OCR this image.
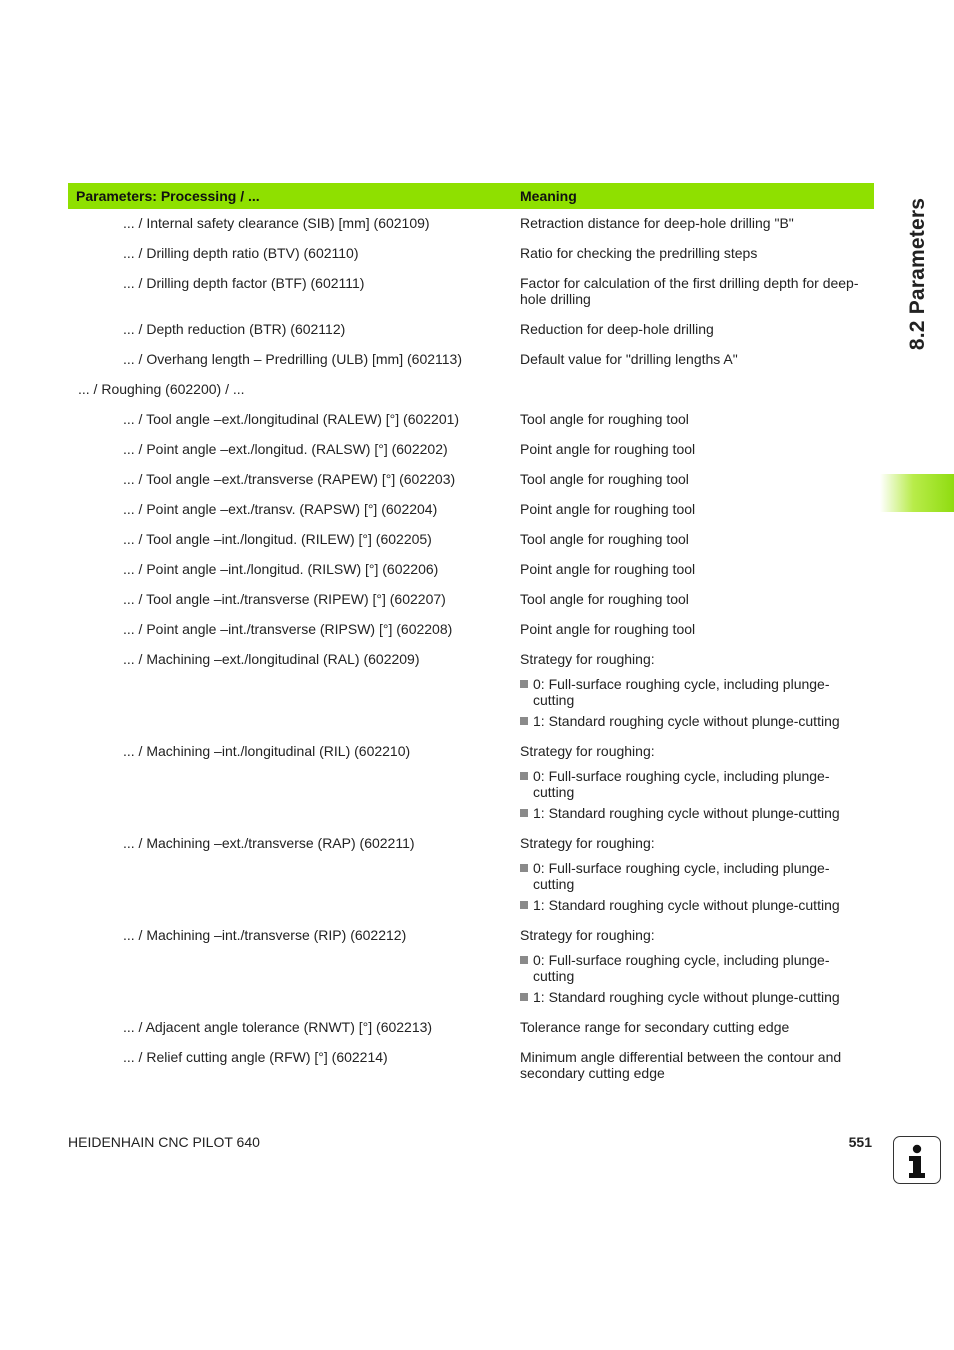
8.2 Parameters
Parameters: Processing / ...	Meaning
... / Internal safety clearance (SIB) [mm] (602109)	Retraction distance for deep-hole drilling "B"

... / Drilling depth ratio (BTV) (602110)	Ratio for checking the predrilling steps

... / Drilling depth factor (BTF) (602111)	Factor for calculation of the first drilling depth for deep-hole drilling

... / Depth reduction (BTR) (602112)	Reduction for deep-hole drilling

... / Overhang length – Predrilling (ULB) [mm] (602113)	Default value for "drilling lengths A"

... / Roughing (602200) / ...	

... / Tool angle –ext./longitudinal (RALEW) [°] (602201)	Tool angle for roughing tool

... / Point angle –ext./longitud. (RALSW) [°] (602202)	Point angle for roughing tool

... / Tool angle –ext./transverse (RAPEW) [°] (602203)	Tool angle for roughing tool

... / Point angle –ext./transv. (RAPSW) [°] (602204)	Point angle for roughing tool

... / Tool angle –int./longitud. (RILEW) [°] (602205)	Tool angle for roughing tool

... / Point angle –int./longitud. (RILSW) [°] (602206)	Point angle for roughing tool

... / Tool angle –int./transverse (RIPEW) [°] (602207)	Tool angle for roughing tool

... / Point angle –int./transverse (RIPSW) [°] (602208)	Point angle for roughing tool

... / Machining –ext./longitudinal (RAL) (602209)	Strategy for roughing:
0: Full-surface roughing cycle, including plunge-cutting
1: Standard roughing cycle without plunge-cutting

... / Machining –int./longitudinal (RIL) (602210)	Strategy for roughing:
0: Full-surface roughing cycle, including plunge-cutting
1: Standard roughing cycle without plunge-cutting

... / Machining –ext./transverse (RAP) (602211)	Strategy for roughing:
0: Full-surface roughing cycle, including plunge-cutting
1: Standard roughing cycle without plunge-cutting

... / Machining –int./transverse (RIP) (602212)	Strategy for roughing:
0: Full-surface roughing cycle, including plunge-cutting
1: Standard roughing cycle without plunge-cutting

... / Adjacent angle tolerance (RNWT) [°] (602213)	Tolerance range for secondary cutting edge

... / Relief cutting angle (RFW) [°] (602214)	Minimum angle differential between the contour and secondary cutting edge
HEIDENHAIN CNC PILOT 640	551
